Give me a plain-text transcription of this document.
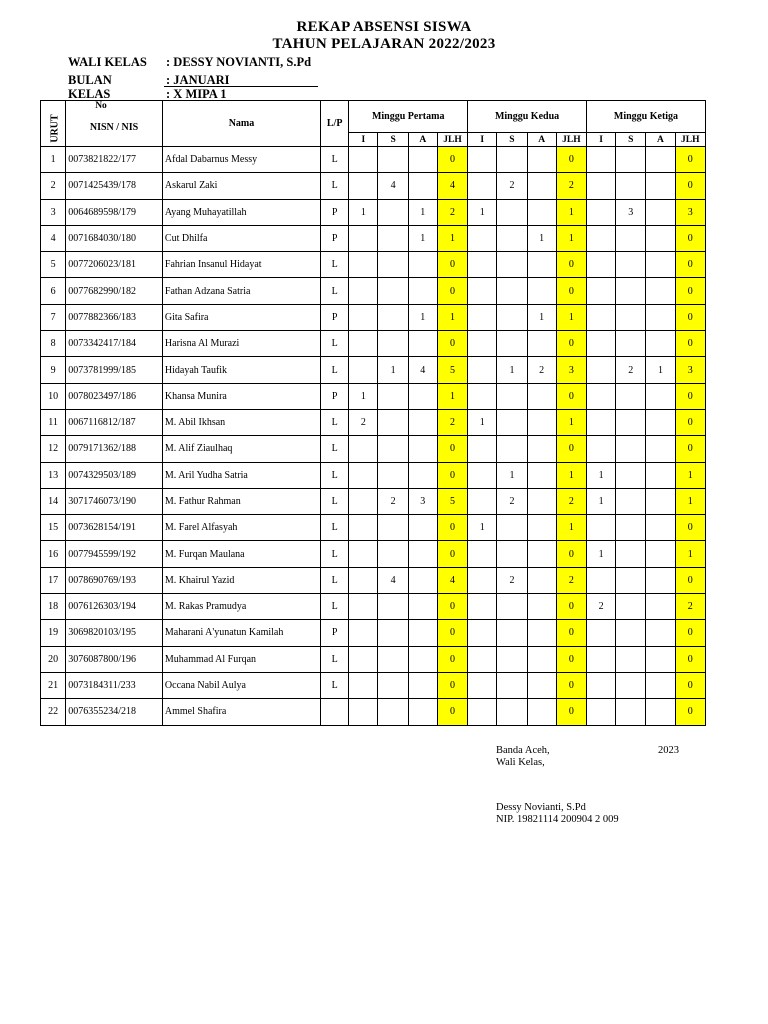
REKAP ABSENSI SISWA
TAHUN PELAJARAN 2022/2023
WALI KELAS : DESSY NOVIANTI, S.Pd
BULAN	: JANUARI
KELAS	: X MIPA 1
No
URUT	NISN / NIS	Nama	L/P	Minggu Pertama				Minggu Kedua				Minggu Ketiga			
				I	S	A	JLH	I	S	A	JLH	I	S	A	JLH
1	0073821822/177	Afdal Dabarnus Messy	L				0				0				0
2	0071425439/178	Askarul Zaki	L		4		4		2		2				0
3	0064689598/179	Ayang Muhayatillah	P	1		1	2	1			1		3		3
4	0071684030/180	Cut Dhilfa	P			1	1			1	1				0
5	0077206023/181	Fahrian Insanul Hidayat	L				0				0				0
6	0077682990/182	Fathan Adzana Satria	L				0				0				0
7	0077882366/183	Gita Safira	P			1	1			1	1				0
8	0073342417/184	Harisna Al Murazi	L				0				0				0
9	0073781999/185	Hidayah Taufik	L		1	4	5		1	2	3		2	1	3
10	0078023497/186	Khansa Munira	P	1			1				0				0
11	0067116812/187	M. Abil Ikhsan	L	2			2	1			1				0
12	0079171362/188	M. Alif Ziaulhaq	L				0				0				0
13	0074329503/189	M. Aril Yudha Satria	L				0		1		1	1			1
14	3071746073/190	M. Fathur Rahman	L		2	3	5		2		2	1			1
15	0073628154/191	M. Farel Alfasyah	L				0	1			1				0
16	0077945599/192	M. Furqan Maulana	L				0				0	1			1
17	0078690769/193	M. Khairul Yazid	L		4		4		2		2				0
18	0076126303/194	M. Rakas Pramudya	L				0				0	2			2
19	3069820103/195	Maharani A'yunatun Kamilah	P				0				0				0
20	3076087800/196	Muhammad Al Furqan	L				0				0				0
21	0073184311/233	Occana Nabil Aulya	L				0				0				0
22	0076355234/218	Ammel Shafira					0				0				0
Banda Aceh,	2023
Wali Kelas,
Dessy Novianti, S.Pd
NIP. 19821114 200904 2 009
